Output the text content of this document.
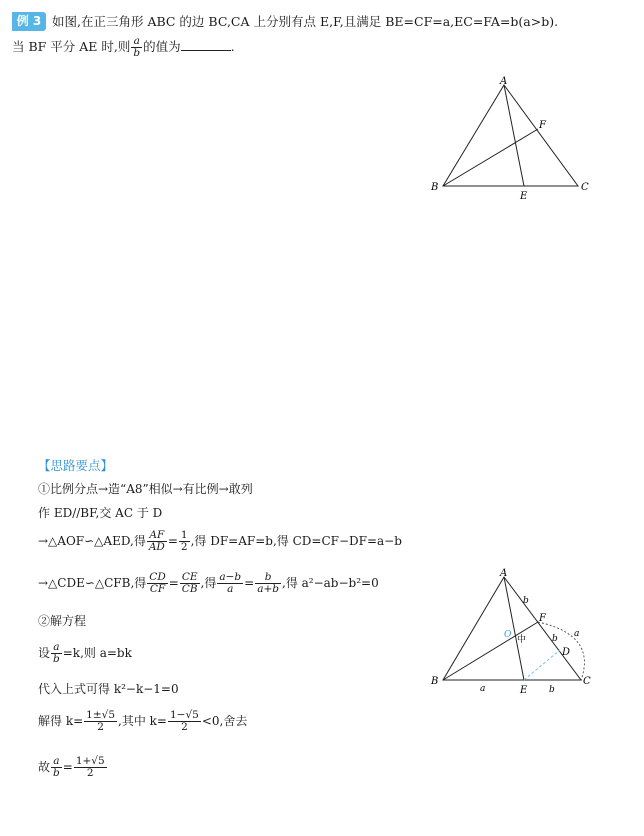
例 3 如图,在正三角形 ABC 的边 BC,CA 上分别有点 E,F,且满足 BE=CF=a,EC=FA=b(a>b).
当 BF 平分 AE 时,则 $\frac{a}{b}$ 的值为	.
A
B	C
E
F
【思路要点】
①比例分点→造“A8”相似→有比例→敢列
作 ED//BF,交 AC 于 D
→△AOF∽△AED,得 $\frac{AF}{AD} = \frac{1}{2}$ ,得 DF=AF=b,得 CD=CF−DF=a−b
→△CDE∽△CFB,得 $\frac{CD}{CF} = \frac{CE}{CB}$ ,得 $\frac{a-b}{a} = \frac{b}{a+b}$ ,得 a²−ab−b²=0
②解方程
设 $\frac{a}{b} =k$,则 a=bk
代入上式可得 k²−k−1=0
解得 $k= \frac{1\pm√5}{2}$ ,其中 $k= \frac{1-√5}{2} <0$,舍去
故 $\frac{a}{b} = \frac{1+√5}{2}$
A
B	C
E
F
D
O 中
b
b
b
a
a
